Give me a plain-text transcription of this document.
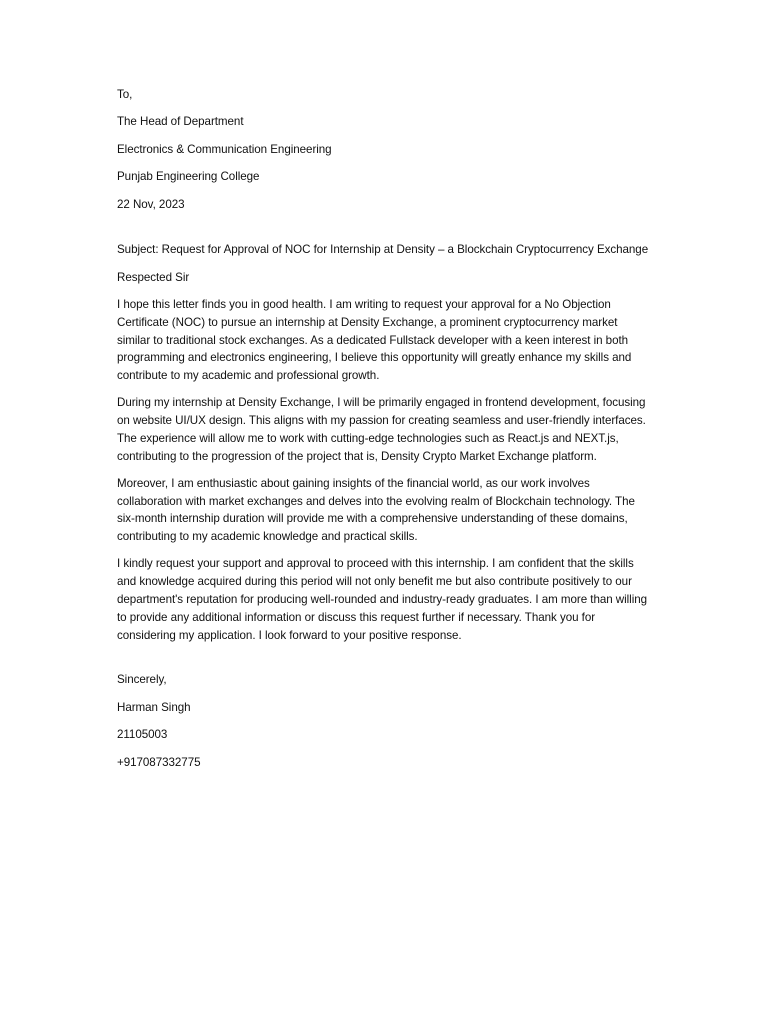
To,
The Head of Department
Electronics & Communication Engineering
Punjab Engineering College
22 Nov, 2023
Subject: Request for Approval of NOC for Internship at Density – a Blockchain Cryptocurrency Exchange
Respected Sir
I hope this letter finds you in good health. I am writing to request your approval for a No Objection Certificate (NOC) to pursue an internship at Density Exchange, a prominent cryptocurrency market similar to traditional stock exchanges. As a dedicated Fullstack developer with a keen interest in both programming and electronics engineering, I believe this opportunity will greatly enhance my skills and contribute to my academic and professional growth.
During my internship at Density Exchange, I will be primarily engaged in frontend development, focusing on website UI/UX design. This aligns with my passion for creating seamless and user-friendly interfaces. The experience will allow me to work with cutting-edge technologies such as React.js and NEXT.js, contributing to the progression of the project that is, Density Crypto Market Exchange platform.
Moreover, I am enthusiastic about gaining insights of the financial world, as our work involves collaboration with market exchanges and delves into the evolving realm of Blockchain technology. The six-month internship duration will provide me with a comprehensive understanding of these domains, contributing to my academic knowledge and practical skills.
I kindly request your support and approval to proceed with this internship. I am confident that the skills and knowledge acquired during this period will not only benefit me but also contribute positively to our department's reputation for producing well-rounded and industry-ready graduates. I am more than willing to provide any additional information or discuss this request further if necessary. Thank you for considering my application. I look forward to your positive response.
Sincerely,
Harman Singh
21105003
+917087332775
